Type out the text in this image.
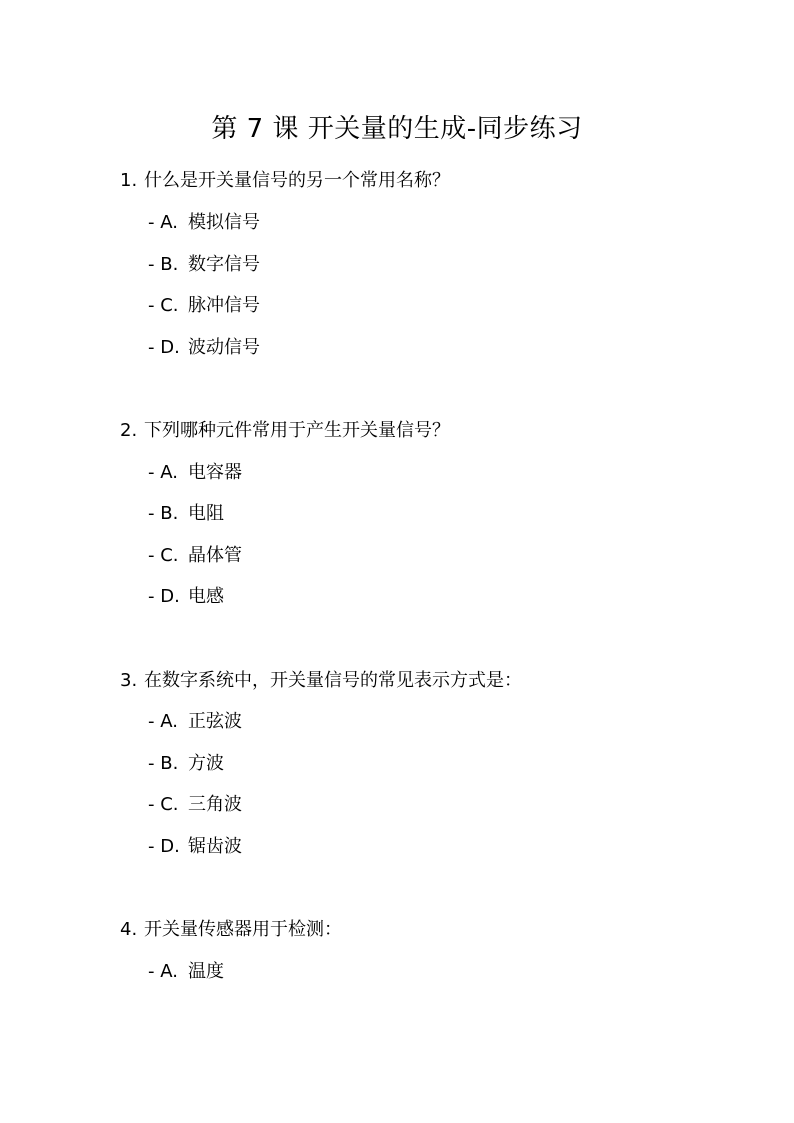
第 7 课 开关量的生成-同步练习
1. 什么是开关量信号的另一个常用名称？
- A. 模拟信号
- B. 数字信号
- C. 脉冲信号
- D. 波动信号
2. 下列哪种元件常用于产生开关量信号？
- A. 电容器
- B. 电阻
- C. 晶体管
- D. 电感
3. 在数字系统中，开关量信号的常见表示方式是：
- A. 正弦波
- B. 方波
- C. 三角波
- D. 锯齿波
4. 开关量传感器用于检测：
- A. 温度
